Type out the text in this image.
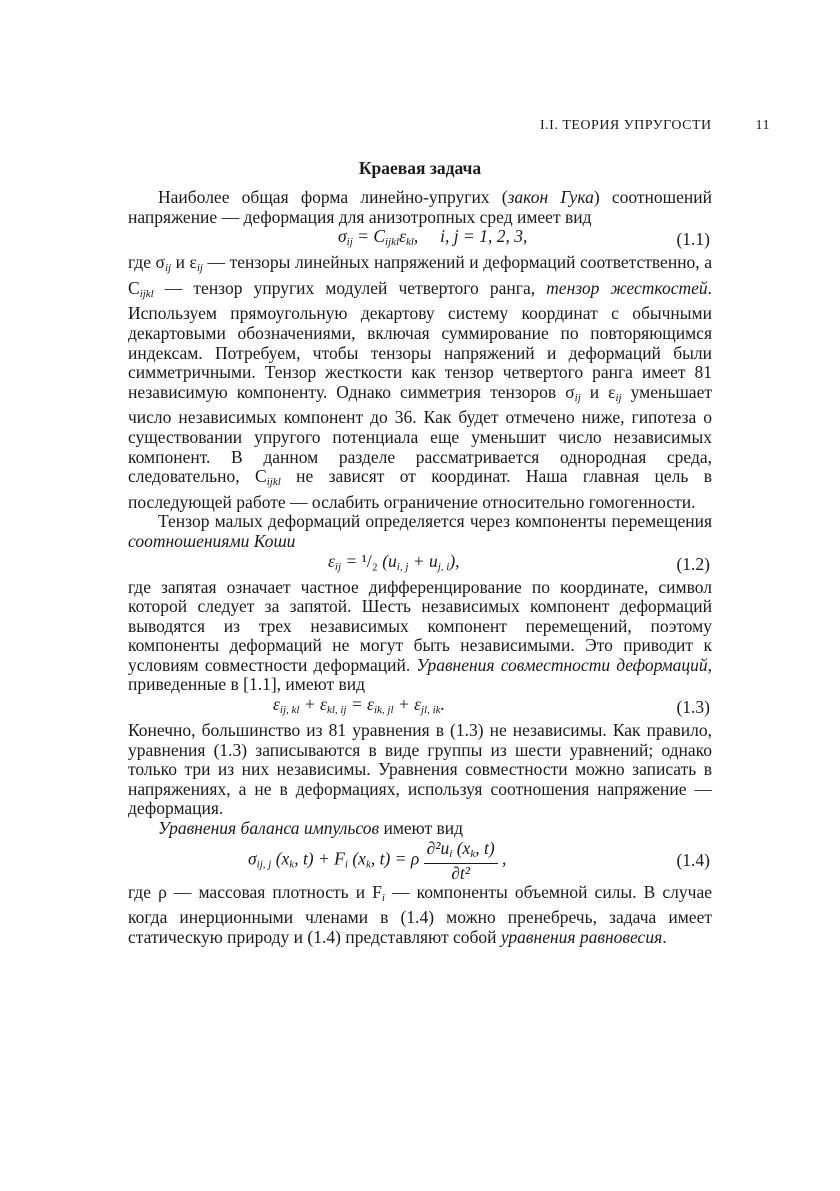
I.I. ТЕОРИЯ УПРУГОСТИ	11
Краевая задача

Наиболее общая форма линейно-упругих (закон Гука) соотношений напряжение — деформация для анизотропных сред имеет вид

$\sigma_{ij} = C_{ijkl}\varepsilon_{kl}$,     i, j = 1, 2, 3,	(1.1)

где $\sigma_{ij}$ и $\varepsilon_{ij}$ — тензоры линейных напряжений и деформаций соответственно, а $C_{ijkl}$ — тензор упругих модулей четвертого ранга, тензор жесткостей. Используем прямоугольную декартову систему координат с обычными декартовыми обозначениями, включая суммирование по повторяющимся индексам. Потребуем, чтобы тензоры напряжений и деформаций были симметричными. Тензор жесткости как тензор четвертого ранга имеет 81 независимую компоненту. Однако симметрия тензоров $\sigma_{ij}$ и $\varepsilon_{ij}$ уменьшает число независимых компонент до 36. Как будет отмечено ниже, гипотеза о существовании упругого потенциала еще уменьшит число независимых компонент. В данном разделе рассматривается однородная среда, следовательно, $C_{ijkl}$ не зависят от координат. Наша главная цель в последующей работе — ослабить ограничение относительно гомогенности.

Тензор малых деформаций определяется через компоненты перемещения соотношениями Коши

$\varepsilon_{ij} = ^1/_2$ $(u_{i, j} + u_{j, i})$,	(1.2)

где запятая означает частное дифференцирование по координате, символ которой следует за запятой. Шесть независимых компонент деформаций выводятся из трех независимых компонент перемещений, поэтому компоненты деформаций не могут быть независимыми. Это приводит к условиям совместности деформаций. Уравнения совместности деформаций, приведенные в [1.1], имеют вид

$\varepsilon_{ij, kl} + \varepsilon_{kl, ij} = \varepsilon_{ik, jl} + \varepsilon_{jl, ik}$.	(1.3)

Конечно, большинство из 81 уравнения в (1.3) не независимы. Как правило, уравнения (1.3) записываются в виде группы из шести уравнений; однако только три из них независимы. Уравнения совместности можно записать в напряжениях, а не в деформациях, используя соотношения напряжение — деформация.

Уравнения баланса импульсов имеют вид

$\sigma_{ij, j}$ ($x_k$, $t) + F_i$ ($x_k$, t) = ρ $\frac{\partial^2u_i (x_k, t)}{\text{∂t²}}$ ,	(1.4)

где ρ — массовая плотность и $F_i$ — компоненты объемной силы. В случае когда инерционными членами в (1.4) можно пренебречь, задача имеет статическую природу и (1.4) представляют собой уравнения равновесия.
